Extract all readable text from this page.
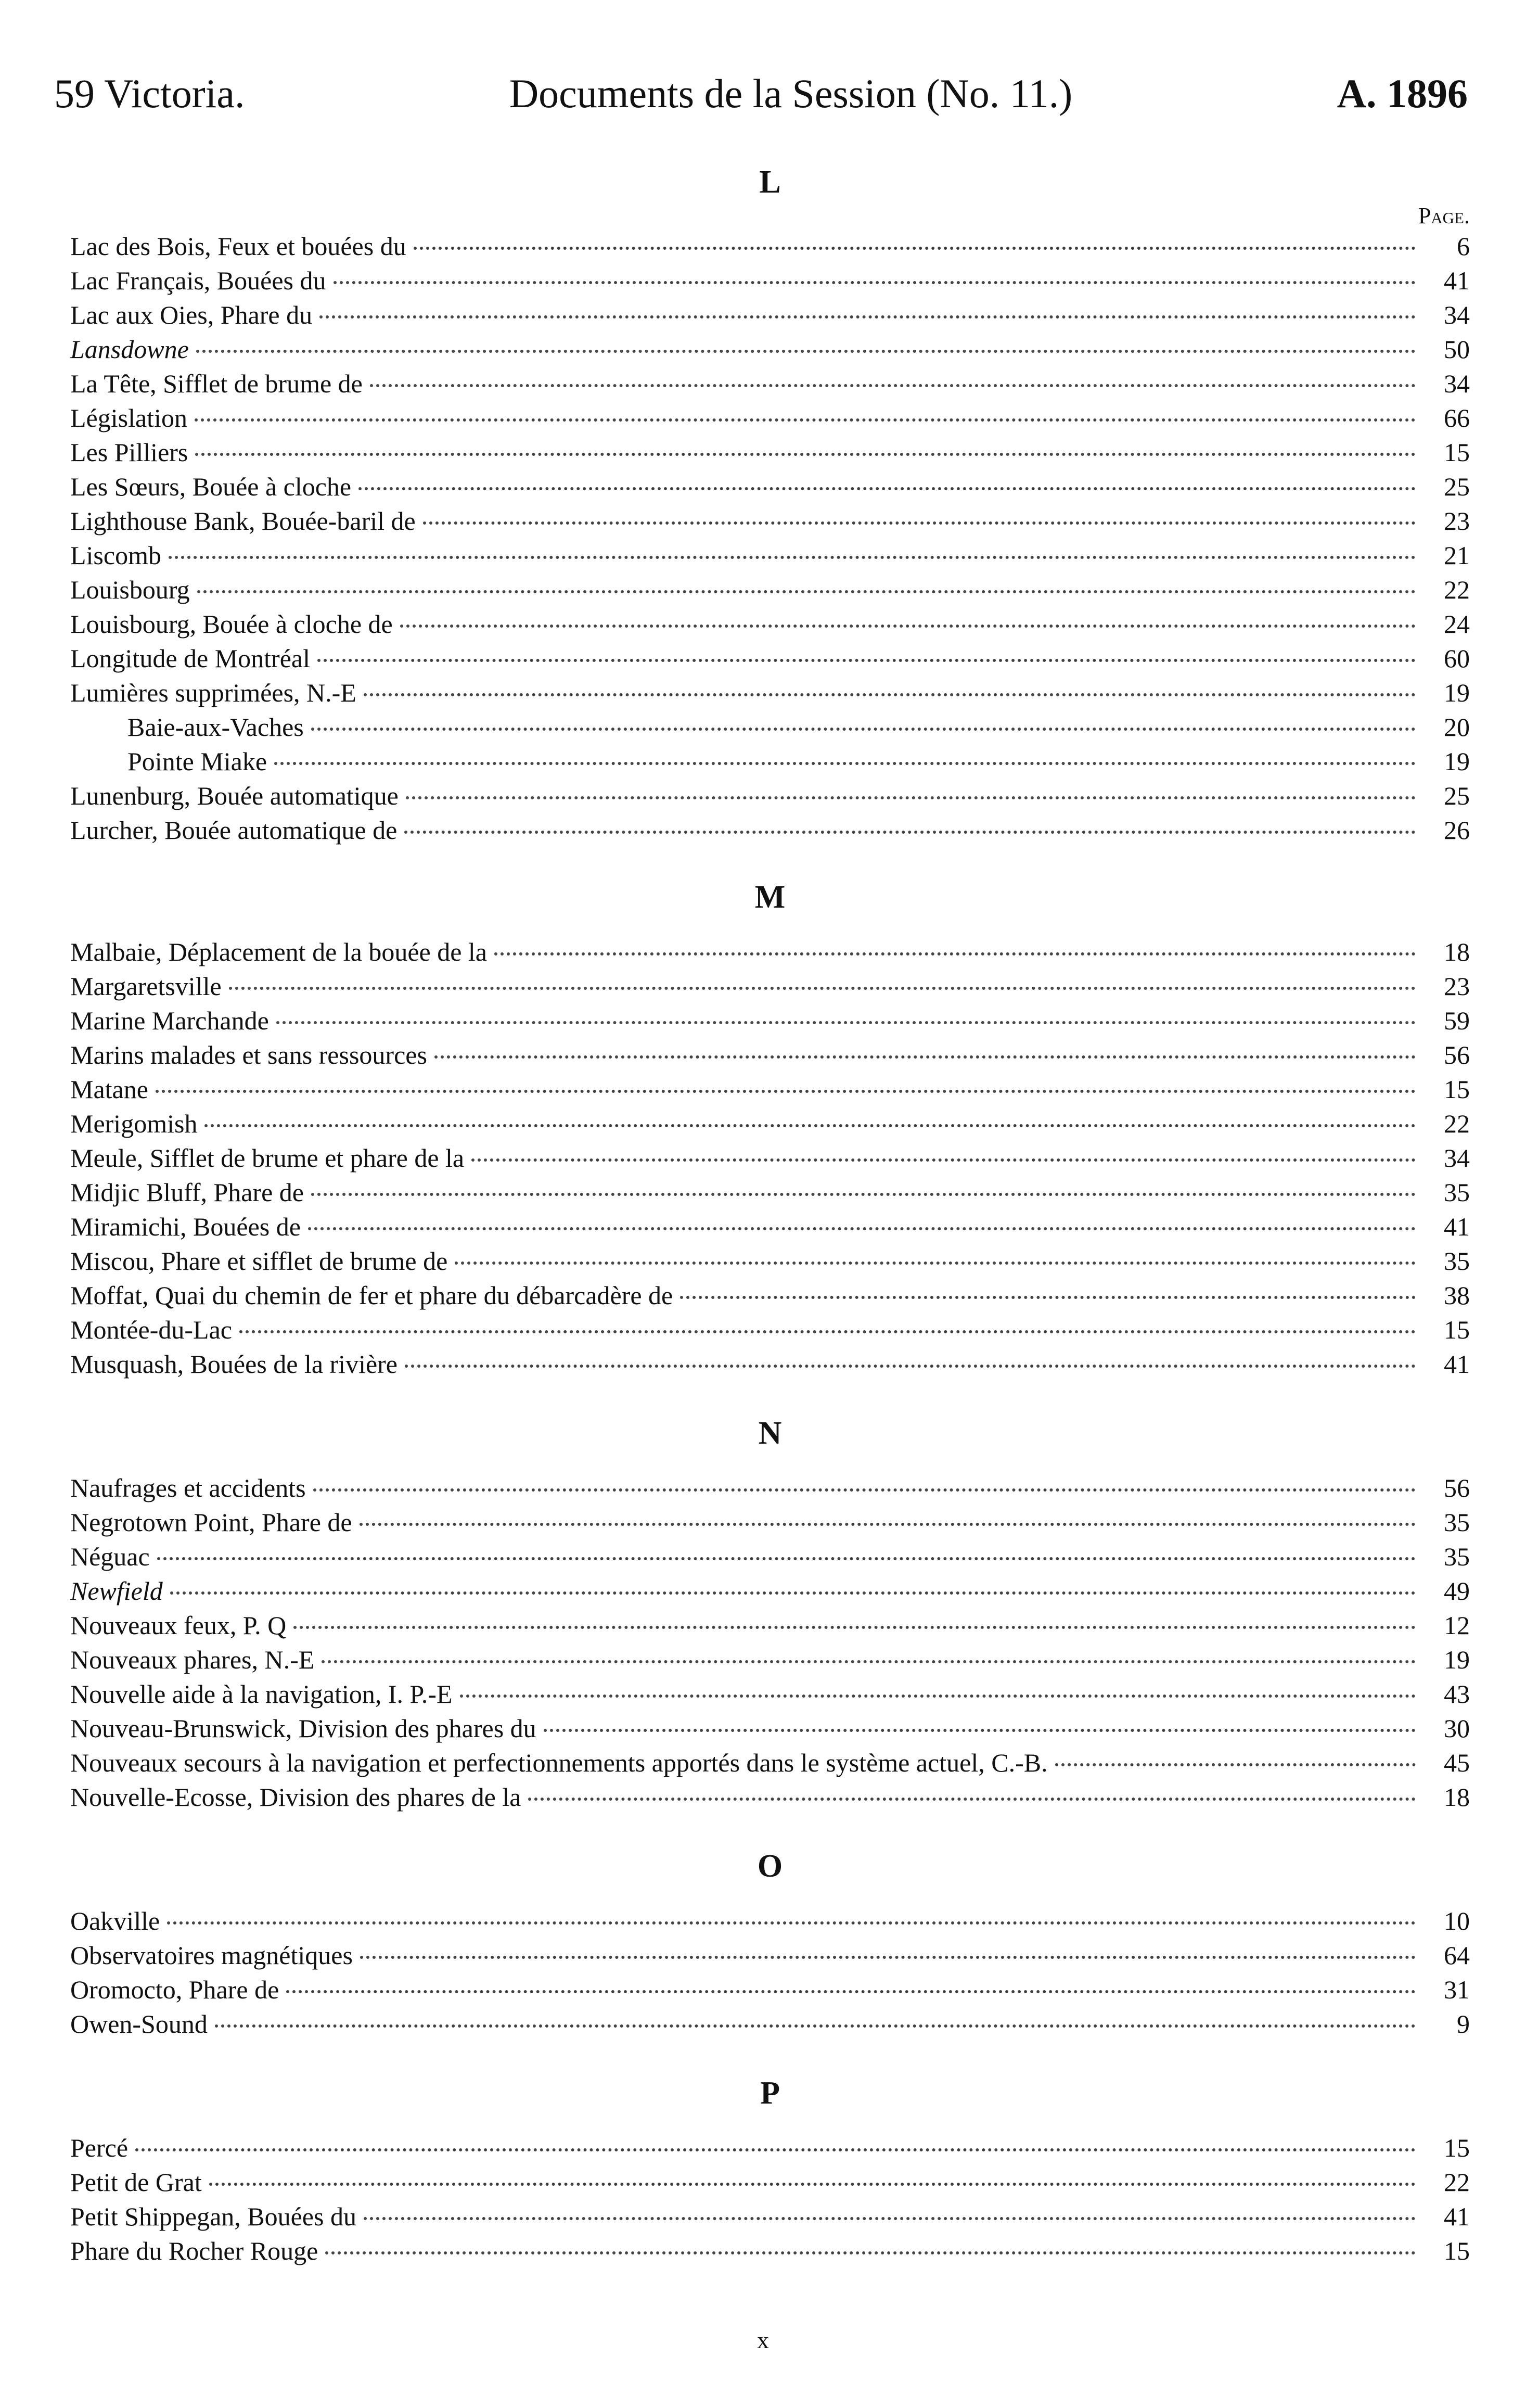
59 Victoria.	Documents de la Session (No. 11.)	A. 1896
L
Page.
Lac des Bois, Feux et bouées du	6
Lac Français, Bouées du	41
Lac aux Oies, Phare du	34
Lansdowne	50
La Tête, Sifflet de brume de	34
Législation	66
Les Pilliers	15
Les Sœurs, Bouée à cloche	25
Lighthouse Bank, Bouée-baril de	23
Liscomb	21
Louisbourg	22
Louisbourg, Bouée à cloche de	24
Longitude de Montréal	60
Lumières supprimées, N.-E	19
Baie-aux-Vaches	20
Pointe Miake	19
Lunenburg, Bouée automatique	25
Lurcher, Bouée automatique de	26
M
Malbaie, Déplacement de la bouée de la	18
Margaretsville	23
Marine Marchande	59
Marins malades et sans ressources	56
Matane	15
Merigomish	22
Meule, Sifflet de brume et phare de la	34
Midjic Bluff, Phare de	35
Miramichi, Bouées de	41
Miscou, Phare et sifflet de brume de	35
Moffat, Quai du chemin de fer et phare du débarcadère de	38
Montée-du-Lac	15
Musquash, Bouées de la rivière	41
N
Naufrages et accidents	56
Negrotown Point, Phare de	35
Néguac	35
Newfield	49
Nouveaux feux, P. Q	12
Nouveaux phares, N.-E	19
Nouvelle aide à la navigation, I. P.-E	43
Nouveau-Brunswick, Division des phares du	30
Nouveaux secours à la navigation et perfectionnements apportés dans le système actuel, C.-B.	45
Nouvelle-Ecosse, Division des phares de la	18
O
Oakville	10
Observatoires magnétiques	64
Oromocto, Phare de	31
Owen-Sound	9
P
Percé	15
Petit de Grat	22
Petit Shippegan, Bouées du	41
Phare du Rocher Rouge	15
x
